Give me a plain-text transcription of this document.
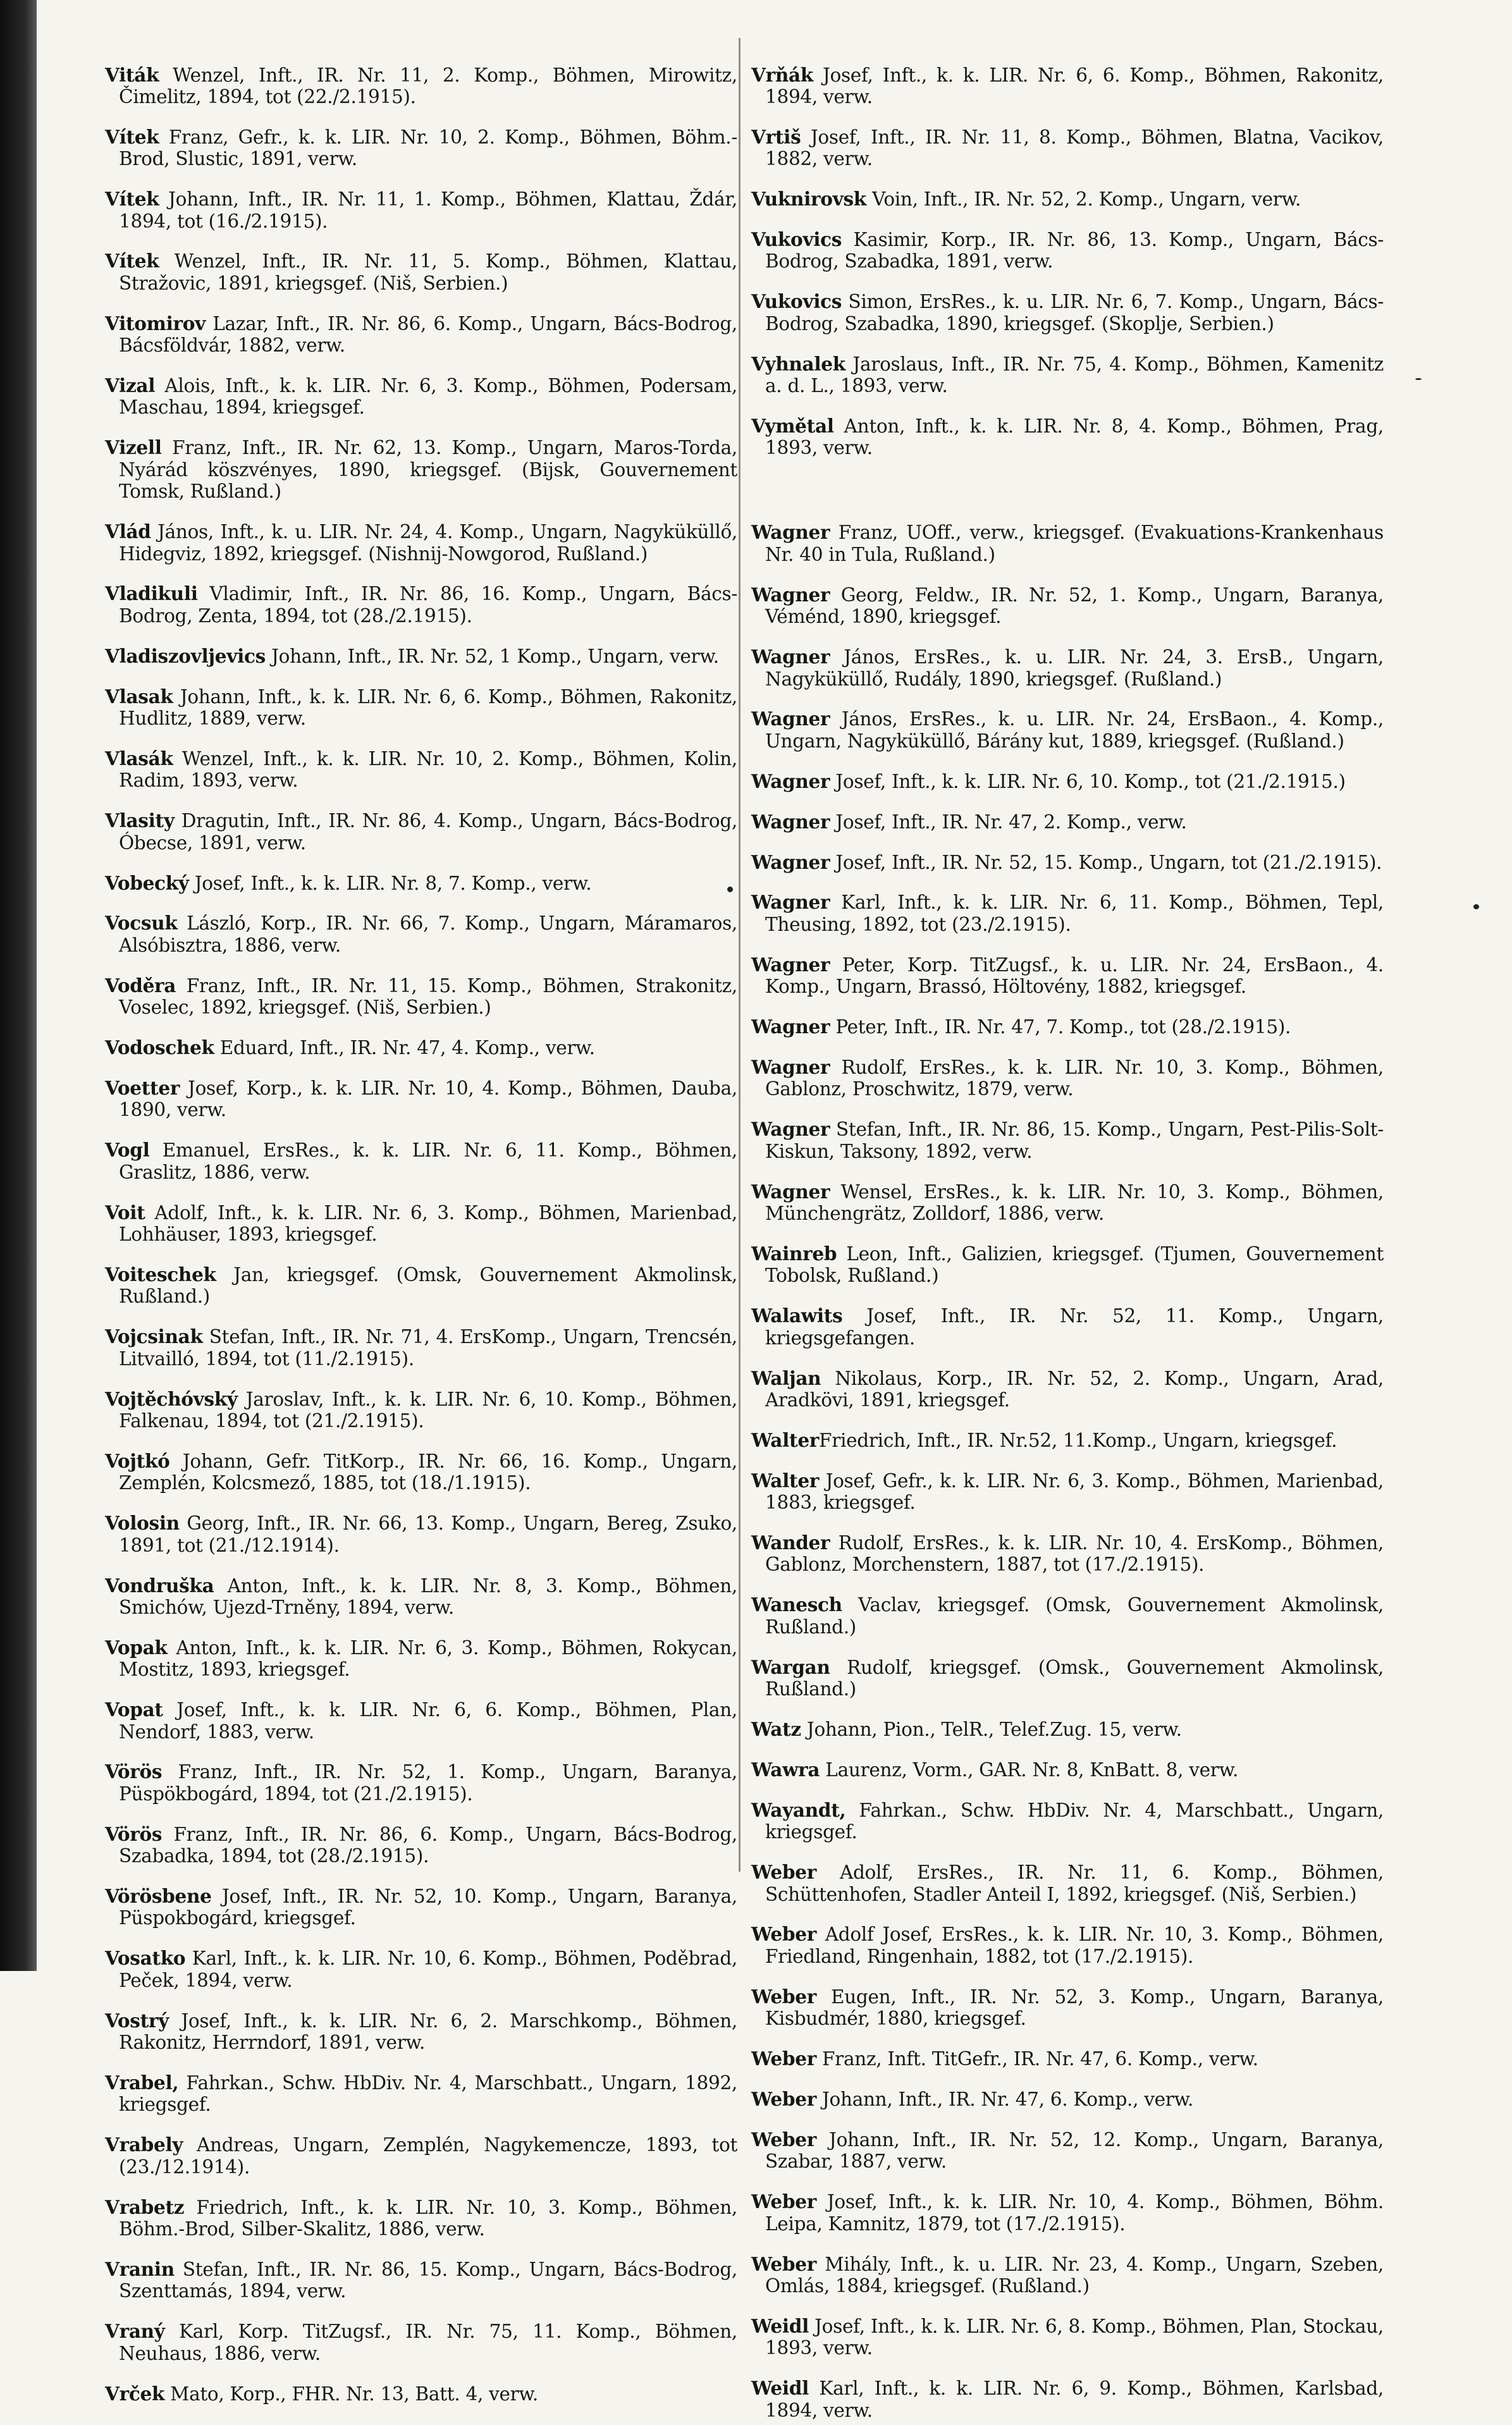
Viták Wenzel, Inft., IR. Nr. 11, 2. Komp., Böhmen, Mirowitz, Čimelitz, 1894, tot (22./2.1915).

Vítek Franz, Gefr., k. k. LIR. Nr. 10, 2. Komp., Böhmen, Böhm.-Brod, Slustic, 1891, verw.

Vítek Johann, Inft., IR. Nr. 11, 1. Komp., Böhmen, Klattau, Ždár, 1894, tot (16./2.1915).

Vítek Wenzel, Inft., IR. Nr. 11, 5. Komp., Böhmen, Klattau, Stražovic, 1891, kriegsgef. (Niš, Serbien.)

Vitomirov Lazar, Inft., IR. Nr. 86, 6. Komp., Ungarn, Bács-Bodrog, Bácsföldvár, 1882, verw.

Vizal Alois, Inft., k. k. LIR. Nr. 6, 3. Komp., Böhmen, Podersam, Maschau, 1894, kriegsgef.

Vizell Franz, Inft., IR. Nr. 62, 13. Komp., Ungarn, Maros-Torda, Nyárád köszvényes, 1890, kriegsgef. (Bijsk, Gouvernement Tomsk, Rußland.)

Vlád János, Inft., k. u. LIR. Nr. 24, 4. Komp., Ungarn, Nagyküküllő, Hidegviz, 1892, kriegsgef. (Nishnij-Nowgorod, Rußland.)

Vladikuli Vladimir, Inft., IR. Nr. 86, 16. Komp., Ungarn, Bács-Bodrog, Zenta, 1894, tot (28./2.1915).

Vladiszovljevics Johann, Inft., IR. Nr. 52, 1 Komp., Ungarn, verw.

Vlasak Johann, Inft., k. k. LIR. Nr. 6, 6. Komp., Böhmen, Rakonitz, Hudlitz, 1889, verw.

Vlasák Wenzel, Inft., k. k. LIR. Nr. 10, 2. Komp., Böhmen, Kolin, Radim, 1893, verw.

Vlasity Dragutin, Inft., IR. Nr. 86, 4. Komp., Ungarn, Bács-Bodrog, Óbecse, 1891, verw.

Vobecký Josef, Inft., k. k. LIR. Nr. 8, 7. Komp., verw.

Vocsuk László, Korp., IR. Nr. 66, 7. Komp., Ungarn, Máramaros, Alsóbisztra, 1886, verw.

Voděra Franz, Inft., IR. Nr. 11, 15. Komp., Böhmen, Strakonitz, Voselec, 1892, kriegsgef. (Niš, Serbien.)

Vodoschek Eduard, Inft., IR. Nr. 47, 4. Komp., verw.

Voetter Josef, Korp., k. k. LIR. Nr. 10, 4. Komp., Böhmen, Dauba, 1890, verw.

Vogl Emanuel, ErsRes., k. k. LIR. Nr. 6, 11. Komp., Böhmen, Graslitz, 1886, verw.

Voit Adolf, Inft., k. k. LIR. Nr. 6, 3. Komp., Böhmen, Marienbad, Lohhäuser, 1893, kriegsgef.

Voiteschek Jan, kriegsgef. (Omsk, Gouvernement Akmolinsk, Rußland.)

Vojcsinak Stefan, Inft., IR. Nr. 71, 4. ErsKomp., Ungarn, Trencsén, Litvailló, 1894, tot (11./2.1915).

Vojtěchóvský Jaroslav, Inft., k. k. LIR. Nr. 6, 10. Komp., Böhmen, Falkenau, 1894, tot (21./2.1915).

Vojtkó Johann, Gefr. TitKorp., IR. Nr. 66, 16. Komp., Ungarn, Zemplén, Kolcsmező, 1885, tot (18./1.1915).

Volosin Georg, Inft., IR. Nr. 66, 13. Komp., Ungarn, Bereg, Zsuko, 1891, tot (21./12.1914).

Vondruška Anton, Inft., k. k. LIR. Nr. 8, 3. Komp., Böhmen, Smichów, Ujezd-Trněny, 1894, verw.

Vopak Anton, Inft., k. k. LIR. Nr. 6, 3. Komp., Böhmen, Rokycan, Mostitz, 1893, kriegsgef.

Vopat Josef, Inft., k. k. LIR. Nr. 6, 6. Komp., Böhmen, Plan, Nendorf, 1883, verw.

Vörös Franz, Inft., IR. Nr. 52, 1. Komp., Ungarn, Baranya, Püspökbogárd, 1894, tot (21./2.1915).

Vörös Franz, Inft., IR. Nr. 86, 6. Komp., Ungarn, Bács-Bodrog, Szabadka, 1894, tot (28./2.1915).

Vörösbene Josef, Inft., IR. Nr. 52, 10. Komp., Ungarn, Baranya, Püspokbogárd, kriegsgef.

Vosatko Karl, Inft., k. k. LIR. Nr. 10, 6. Komp., Böhmen, Poděbrad, Peček, 1894, verw.

Vostrý Josef, Inft., k. k. LIR. Nr. 6, 2. Marschkomp., Böhmen, Rakonitz, Herrndorf, 1891, verw.

Vrabel, Fahrkan., Schw. HbDiv. Nr. 4, Marschbatt., Ungarn, 1892, kriegsgef.

Vrabely Andreas, Ungarn, Zemplén, Nagykemencze, 1893, tot (23./12.1914).

Vrabetz Friedrich, Inft., k. k. LIR. Nr. 10, 3. Komp., Böhmen, Böhm.-Brod, Silber-Skalitz, 1886, verw.

Vranin Stefan, Inft., IR. Nr. 86, 15. Komp., Ungarn, Bács-Bodrog, Szenttamás, 1894, verw.

Vraný Karl, Korp. TitZugsf., IR. Nr. 75, 11. Komp., Böhmen, Neuhaus, 1886, verw.

Vrček Mato, Korp., FHR. Nr. 13, Batt. 4, verw.

Vrňák Josef, Inft., k. k. LIR. Nr. 6, 6. Komp., Böhmen, Rakonitz, 1894, verw.

Vrtiš Josef, Inft., IR. Nr. 11, 8. Komp., Böhmen, Blatna, Vacikov, 1882, verw.

Vuknirovsk Voin, Inft., IR. Nr. 52, 2. Komp., Ungarn, verw.

Vukovics Kasimir, Korp., IR. Nr. 86, 13. Komp., Ungarn, Bács-Bodrog, Szabadka, 1891, verw.

Vukovics Simon, ErsRes., k. u. LIR. Nr. 6, 7. Komp., Ungarn, Bács-Bodrog, Szabadka, 1890, kriegsgef. (Skoplje, Serbien.)

Vyhnalek Jaroslaus, Inft., IR. Nr. 75, 4. Komp., Böhmen, Kamenitz a. d. L., 1893, verw.

Vymětal Anton, Inft., k. k. LIR. Nr. 8, 4. Komp., Böhmen, Prag, 1893, verw.

Wagner Franz, UOff., verw., kriegsgef. (Evakuations-Krankenhaus Nr. 40 in Tula, Rußland.)

Wagner Georg, Feldw., IR. Nr. 52, 1. Komp., Ungarn, Baranya, Véménd, 1890, kriegsgef.

Wagner János, ErsRes., k. u. LIR. Nr. 24, 3. ErsB., Ungarn, Nagyküküllő, Rudály, 1890, kriegsgef. (Rußland.)

Wagner János, ErsRes., k. u. LIR. Nr. 24, ErsBaon., 4. Komp., Ungarn, Nagyküküllő, Bárány kut, 1889, kriegsgef. (Rußland.)

Wagner Josef, Inft., k. k. LIR. Nr. 6, 10. Komp., tot (21./2.1915.)

Wagner Josef, Inft., IR. Nr. 47, 2. Komp., verw.

Wagner Josef, Inft., IR. Nr. 52, 15. Komp., Ungarn, tot (21./2.1915).

Wagner Karl, Inft., k. k. LIR. Nr. 6, 11. Komp., Böhmen, Tepl, Theusing, 1892, tot (23./2.1915).

Wagner Peter, Korp. TitZugsf., k. u. LIR. Nr. 24, ErsBaon., 4. Komp., Ungarn, Brassó, Höltovény, 1882, kriegsgef.

Wagner Peter, Inft., IR. Nr. 47, 7. Komp., tot (28./2.1915).

Wagner Rudolf, ErsRes., k. k. LIR. Nr. 10, 3. Komp., Böhmen, Gablonz, Proschwitz, 1879, verw.

Wagner Stefan, Inft., IR. Nr. 86, 15. Komp., Ungarn, Pest-Pilis-Solt-Kiskun, Taksony, 1892, verw.

Wagner Wensel, ErsRes., k. k. LIR. Nr. 10, 3. Komp., Böhmen, Münchengrätz, Zolldorf, 1886, verw.

Wainreb Leon, Inft., Galizien, kriegsgef. (Tjumen, Gouvernement Tobolsk, Rußland.)

Walawits Josef, Inft., IR. Nr. 52, 11. Komp., Ungarn, kriegsgefangen.

Waljan Nikolaus, Korp., IR. Nr. 52, 2. Komp., Ungarn, Arad, Aradkövi, 1891, kriegsgef.

WalterFriedrich, Inft., IR. Nr.52, 11.Komp., Ungarn, kriegsgef.

Walter Josef, Gefr., k. k. LIR. Nr. 6, 3. Komp., Böhmen, Marienbad, 1883, kriegsgef.

Wander Rudolf, ErsRes., k. k. LIR. Nr. 10, 4. ErsKomp., Böhmen, Gablonz, Morchenstern, 1887, tot (17./2.1915).

Wanesch Vaclav, kriegsgef. (Omsk, Gouvernement Akmolinsk, Rußland.)

Wargan Rudolf, kriegsgef. (Omsk., Gouvernement Akmolinsk, Rußland.)

Watz Johann, Pion., TelR., Telef.Zug. 15, verw.

Wawra Laurenz, Vorm., GAR. Nr. 8, KnBatt. 8, verw.

Wayandt, Fahrkan., Schw. HbDiv. Nr. 4, Marschbatt., Ungarn, kriegsgef.

Weber Adolf, ErsRes., IR. Nr. 11, 6. Komp., Böhmen, Schüttenhofen, Stadler Anteil I, 1892, kriegsgef. (Niš, Serbien.)

Weber Adolf Josef, ErsRes., k. k. LIR. Nr. 10, 3. Komp., Böhmen, Friedland, Ringenhain, 1882, tot (17./2.1915).

Weber Eugen, Inft., IR. Nr. 52, 3. Komp., Ungarn, Baranya, Kisbudmér, 1880, kriegsgef.

Weber Franz, Inft. TitGefr., IR. Nr. 47, 6. Komp., verw.

Weber Johann, Inft., IR. Nr. 47, 6. Komp., verw.

Weber Johann, Inft., IR. Nr. 52, 12. Komp., Ungarn, Baranya, Szabar, 1887, verw.

Weber Josef, Inft., k. k. LIR. Nr. 10, 4. Komp., Böhmen, Böhm. Leipa, Kamnitz, 1879, tot (17./2.1915).

Weber Mihály, Inft., k. u. LIR. Nr. 23, 4. Komp., Ungarn, Szeben, Omlás, 1884, kriegsgef. (Rußland.)

Weidl Josef, Inft., k. k. LIR. Nr. 6, 8. Komp., Böhmen, Plan, Stockau, 1893, verw.

Weidl Karl, Inft., k. k. LIR. Nr. 6, 9. Komp., Böhmen, Karlsbad, 1894, verw.
